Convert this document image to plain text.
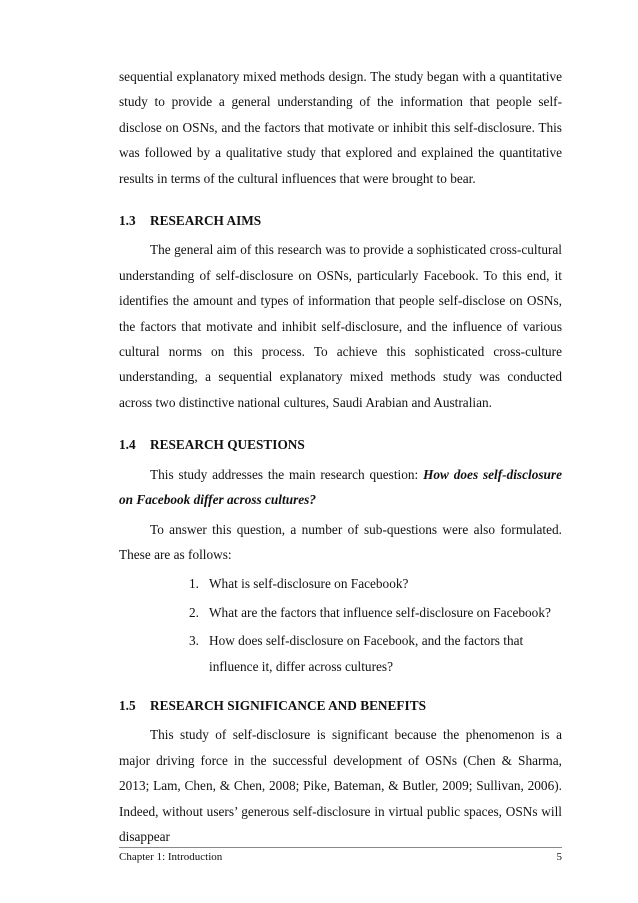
sequential explanatory mixed methods design. The study began with a quantitative study to provide a general understanding of the information that people self-disclose on OSNs, and the factors that motivate or inhibit this self-disclosure. This was followed by a qualitative study that explored and explained the quantitative results in terms of the cultural influences that were brought to bear.

1.3 RESEARCH AIMS

The general aim of this research was to provide a sophisticated cross-cultural understanding of self-disclosure on OSNs, particularly Facebook. To this end, it identifies the amount and types of information that people self-disclose on OSNs, the factors that motivate and inhibit self-disclosure, and the influence of various cultural norms on this process. To achieve this sophisticated cross-culture understanding, a sequential explanatory mixed methods study was conducted across two distinctive national cultures, Saudi Arabian and Australian.

1.4 RESEARCH QUESTIONS

This study addresses the main research question: How does self-disclosure on Facebook differ across cultures?

To answer this question, a number of sub-questions were also formulated. These are as follows:

1. What is self-disclosure on Facebook?
2. What are the factors that influence self-disclosure on Facebook?
3. How does self-disclosure on Facebook, and the factors that influence it, differ across cultures?
1.5 RESEARCH SIGNIFICANCE AND BENEFITS

This study of self-disclosure is significant because the phenomenon is a major driving force in the successful development of OSNs (Chen & Sharma, 2013; Lam, Chen, & Chen, 2008; Pike, Bateman, & Butler, 2009; Sullivan, 2006). Indeed, without users’ generous self-disclosure in virtual public spaces, OSNs will disappear

Chapter 1: Introduction	5
